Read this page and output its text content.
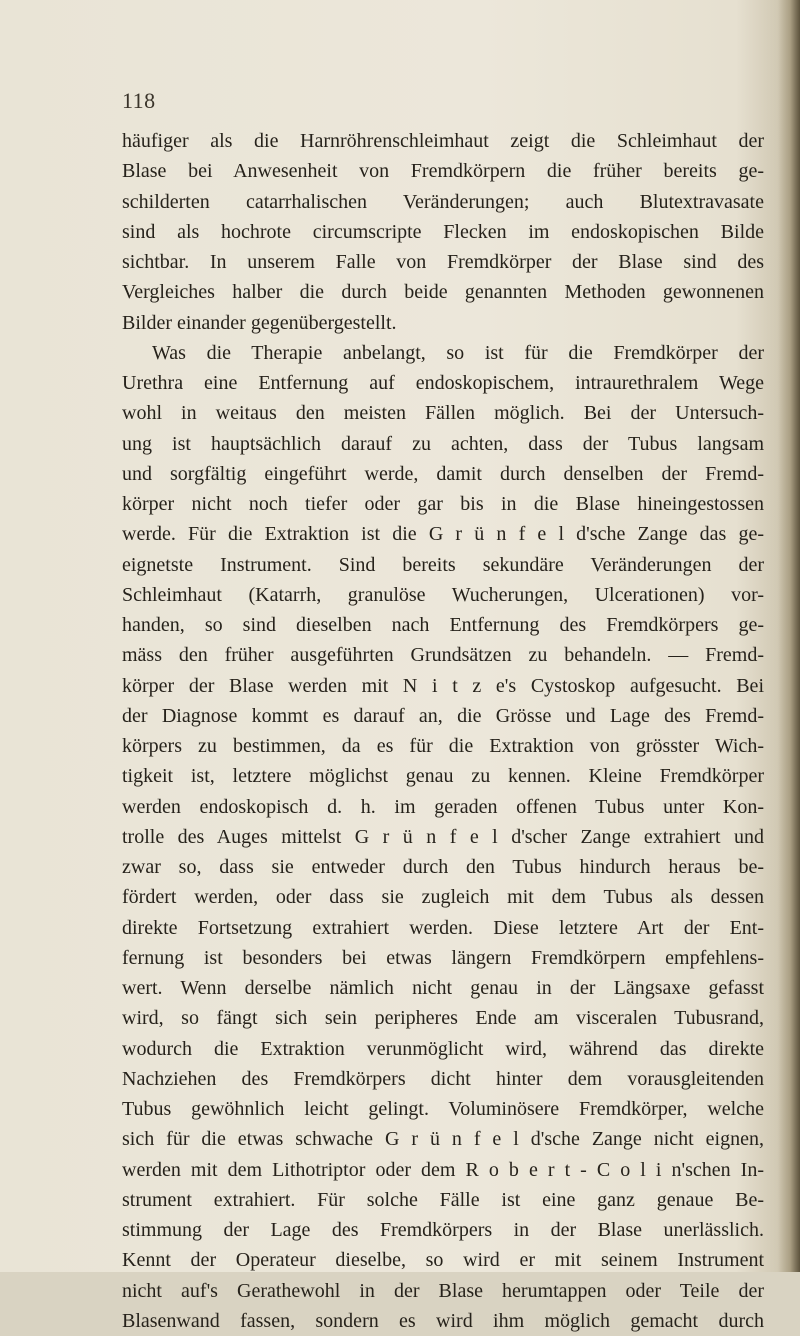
118
häufiger als die Harnröhrenschleimhaut zeigt die Schleimhaut der
Blase bei Anwesenheit von Fremdkörpern die früher bereits ge-
schilderten catarrhalischen Veränderungen; auch Blutextravasate
sind als hochrote circumscripte Flecken im endoskopischen Bilde
sichtbar. In unserem Falle von Fremdkörper der Blase sind des
Vergleiches halber die durch beide genannten Methoden gewonnenen
Bilder einander gegenübergestellt.
Was die Therapie anbelangt, so ist für die Fremdkörper der
Urethra eine Entfernung auf endoskopischem, intraurethralem Wege
wohl in weitaus den meisten Fällen möglich. Bei der Untersuch-
ung ist hauptsächlich darauf zu achten, dass der Tubus langsam
und sorgfältig eingeführt werde, damit durch denselben der Fremd-
körper nicht noch tiefer oder gar bis in die Blase hineingestossen
werde. Für die Extraktion ist die G r ü n f e l d'sche Zange das ge-
eignetste Instrument. Sind bereits sekundäre Veränderungen der
Schleimhaut (Katarrh, granulöse Wucherungen, Ulcerationen) vor-
handen, so sind dieselben nach Entfernung des Fremdkörpers ge-
mäss den früher ausgeführten Grundsätzen zu behandeln. — Fremd-
körper der Blase werden mit N i t z e's Cystoskop aufgesucht. Bei
der Diagnose kommt es darauf an, die Grösse und Lage des Fremd-
körpers zu bestimmen, da es für die Extraktion von grösster Wich-
tigkeit ist, letztere möglichst genau zu kennen. Kleine Fremdkörper
werden endoskopisch d. h. im geraden offenen Tubus unter Kon-
trolle des Auges mittelst G r ü n f e l d'scher Zange extrahiert und
zwar so, dass sie entweder durch den Tubus hindurch heraus be-
fördert werden, oder dass sie zugleich mit dem Tubus als dessen
direkte Fortsetzung extrahiert werden. Diese letztere Art der Ent-
fernung ist besonders bei etwas längern Fremdkörpern empfehlens-
wert. Wenn derselbe nämlich nicht genau in der Längsaxe gefasst
wird, so fängt sich sein peripheres Ende am visceralen Tubusrand,
wodurch die Extraktion verunmöglicht wird, während das direkte
Nachziehen des Fremdkörpers dicht hinter dem vorausgleitenden
Tubus gewöhnlich leicht gelingt. Voluminösere Fremdkörper, welche
sich für die etwas schwache G r ü n f e l d'sche Zange nicht eignen,
werden mit dem Lithotriptor oder dem R o b e r t - C o l i n'schen In-
strument extrahiert. Für solche Fälle ist eine ganz genaue Be-
stimmung der Lage des Fremdkörpers in der Blase unerlässlich.
Kennt der Operateur dieselbe, so wird er mit seinem Instrument
nicht auf's Gerathewohl in der Blase herumtappen oder Teile der
Blasenwand fassen, sondern es wird ihm möglich gemacht durch
